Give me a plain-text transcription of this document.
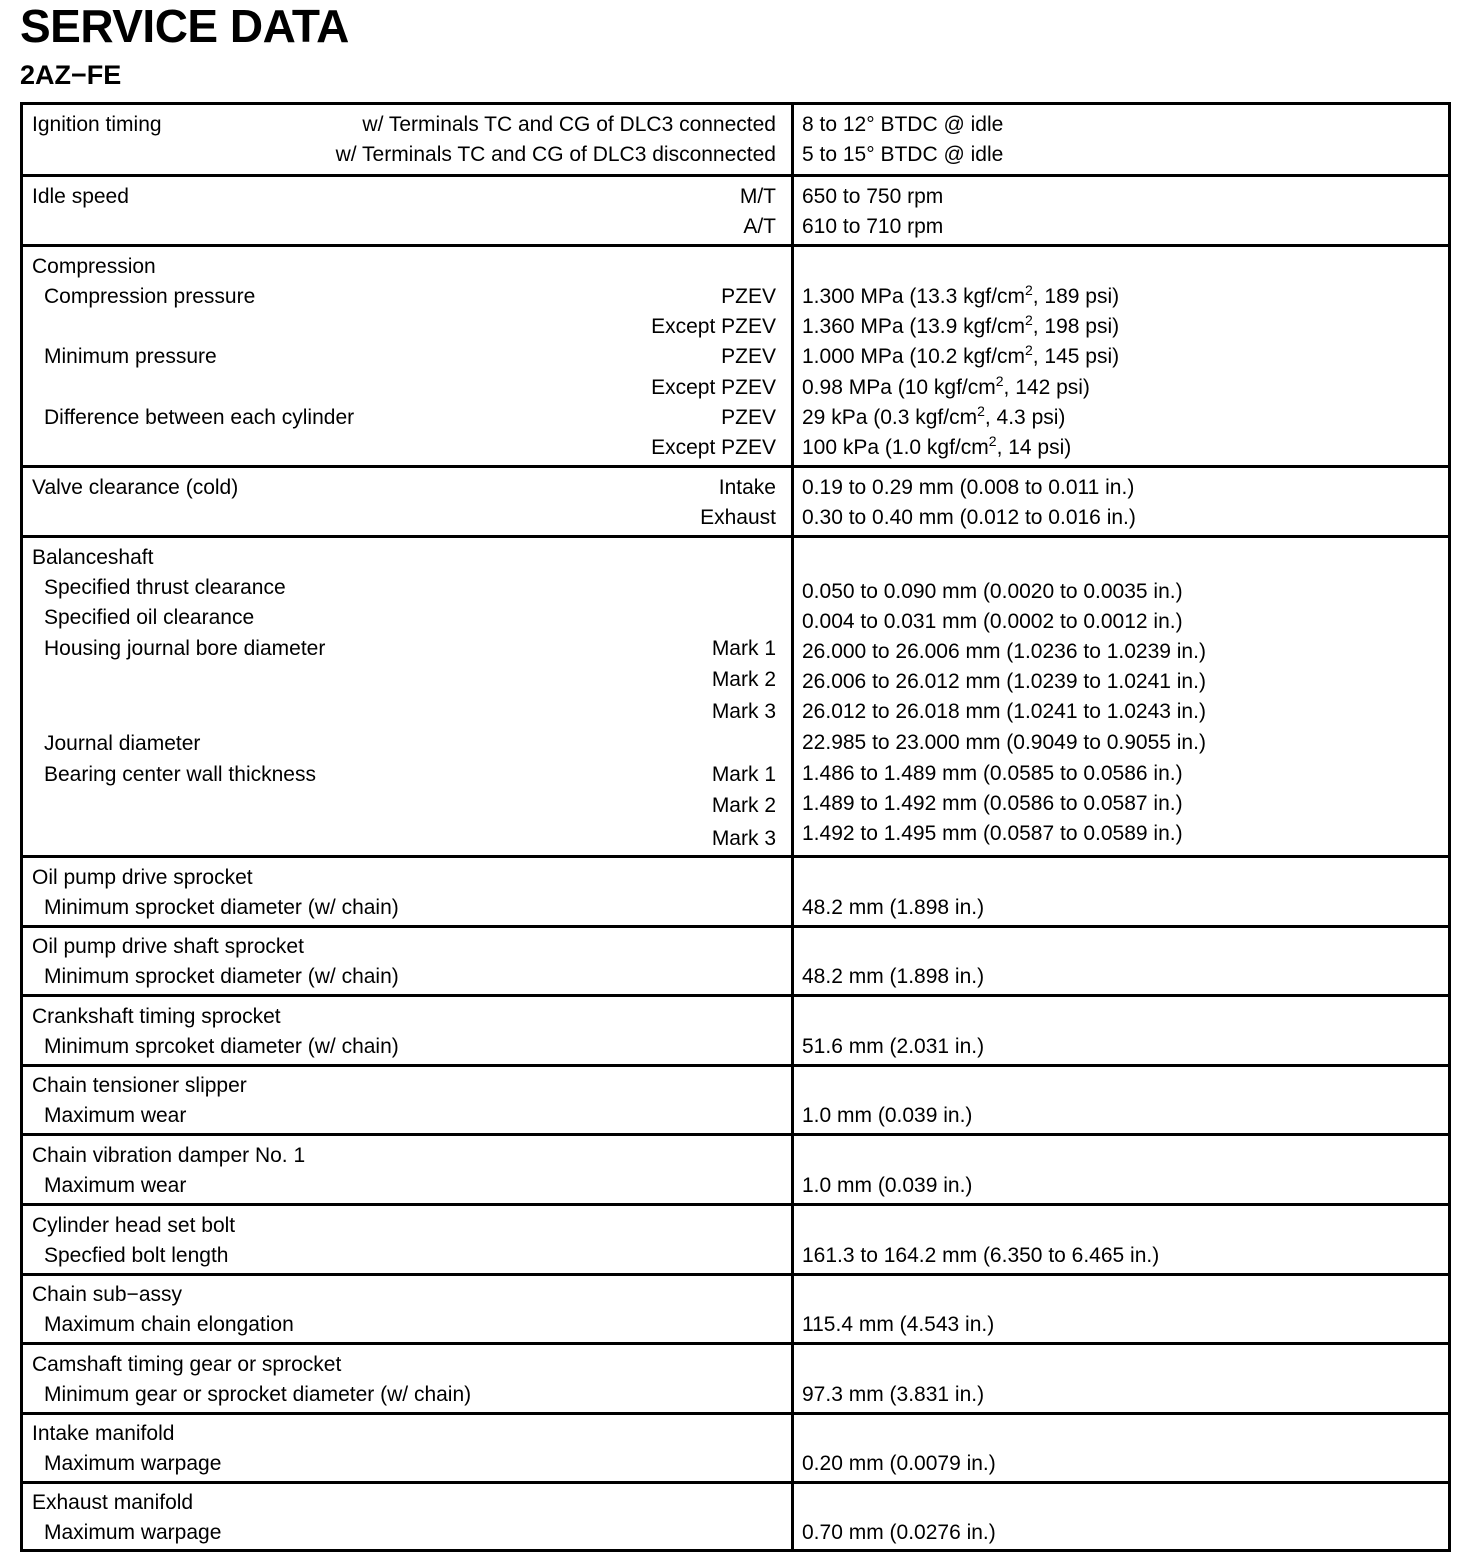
SERVICE DATA
2AZ−FE
Ignition timing	w/ Terminals TC and CG of DLC3 connected 8 to 12° BTDC @ idle
w/ Terminals TC and CG of DLC3 disconnected 5 to 15° BTDC @ idle
Idle speed	M/T 650 to 750 rpm
A/T 610 to 710 rpm
Compression
Compression pressure	PZEV 1.300 MPa (13.3 kgf/$cm^2$, 189 psi)
Except PZEV 1.360 MPa (13.9 kgf/$cm^2$, 198 psi)
Minimum pressure	PZEV 1.000 MPa (10.2 kgf/$cm^2$, 145 psi)
Except PZEV 0.98 MPa (10 kgf/$cm^2$, 142 psi)
Difference between each cylinder	PZEV 29 kPa (0.3 kgf/$cm^2$, 4.3 psi)
Except PZEV 100 kPa (1.0 kgf/$cm^2$, 14 psi)
Valve clearance (cold)	Intake 0.19 to 0.29 mm (0.008 to 0.011 in.)
Exhaust 0.30 to 0.40 mm (0.012 to 0.016 in.)
Balanceshaft
Specified thrust clearance	0.050 to 0.090 mm (0.0020 to 0.0035 in.)
Specified oil clearance	0.004 to 0.031 mm (0.0002 to 0.0012 in.)
Housing journal bore diameter	Mark 1 26.000 to 26.006 mm (1.0236 to 1.0239 in.)
Mark 2 26.006 to 26.012 mm (1.0239 to 1.0241 in.)
Mark 3 26.012 to 26.018 mm (1.0241 to 1.0243 in.)
Journal diameter	22.985 to 23.000 mm (0.9049 to 0.9055 in.)
Bearing center wall thickness	Mark 1 1.486 to 1.489 mm (0.0585 to 0.0586 in.)
Mark 2 1.489 to 1.492 mm (0.0586 to 0.0587 in.)
Mark 3 1.492 to 1.495 mm (0.0587 to 0.0589 in.)
Oil pump drive sprocket
Minimum sprocket diameter (w/ chain)	48.2 mm (1.898 in.)
Oil pump drive shaft sprocket
Minimum sprocket diameter (w/ chain)	48.2 mm (1.898 in.)
Crankshaft timing sprocket
Minimum sprcoket diameter (w/ chain)	51.6 mm (2.031 in.)
Chain tensioner slipper
Maximum wear	1.0 mm (0.039 in.)
Chain vibration damper No. 1
Maximum wear	1.0 mm (0.039 in.)
Cylinder head set bolt
Specfied bolt length	161.3 to 164.2 mm (6.350 to 6.465 in.)
Chain sub−assy
Maximum chain elongation	115.4 mm (4.543 in.)
Camshaft timing gear or sprocket
Minimum gear or sprocket diameter (w/ chain)	97.3 mm (3.831 in.)
Intake manifold
Maximum warpage	0.20 mm (0.0079 in.)
Exhaust manifold
Maximum warpage	0.70 mm (0.0276 in.)
